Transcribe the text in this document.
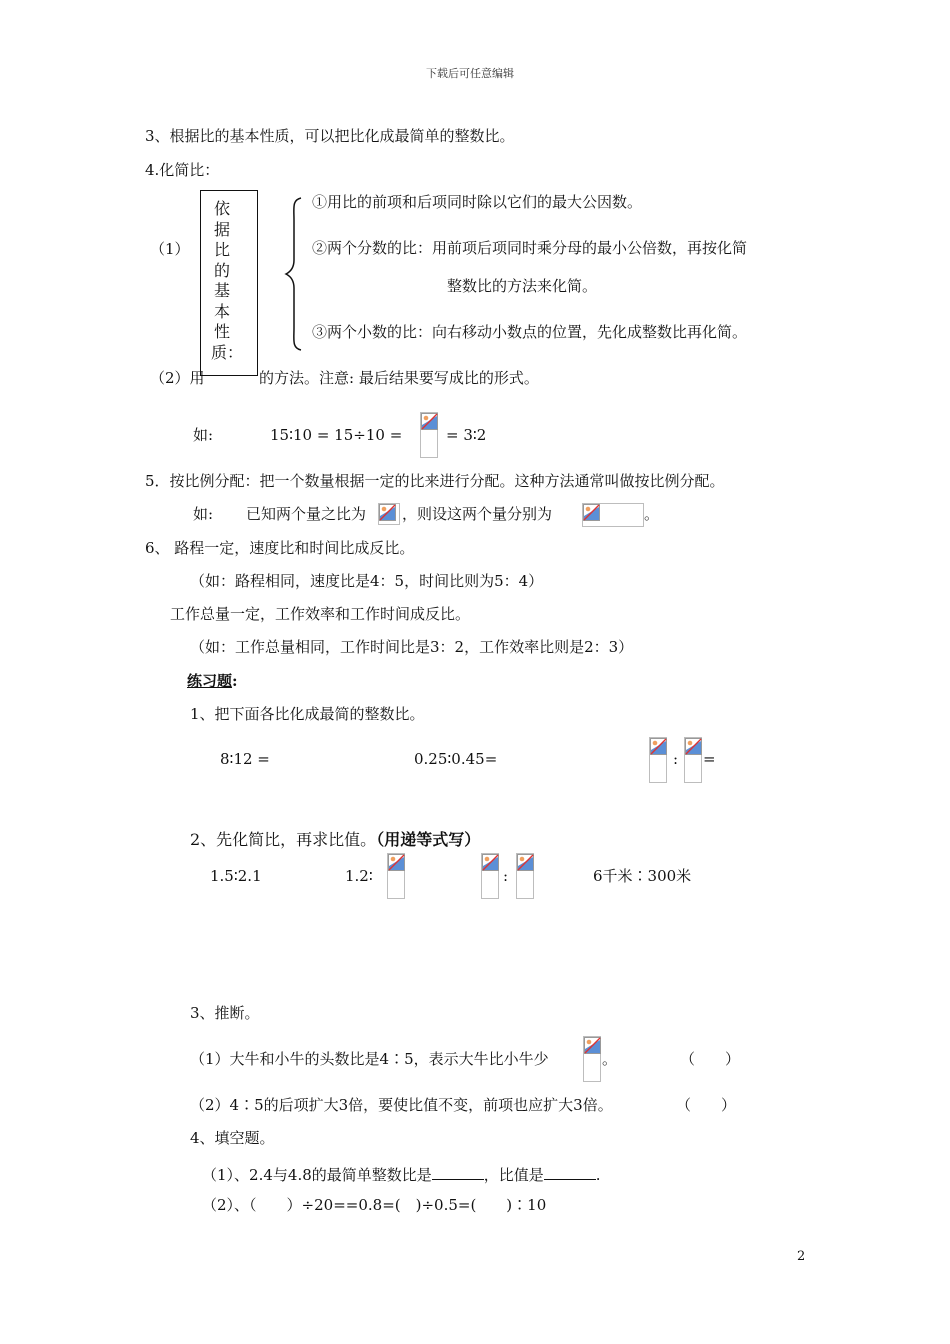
下载后可任意编辑
3、根据比的基本性质，可以把比化成最简单的整数比。
4.化简比：
（1）
依据比的基本性质：
①用比的前项和后项同时除以它们的最大公因数。
②两个分数的比：用前项后项同时乘分母的最小公倍数，再按化简
整数比的方法来化简。
③两个小数的比：向右移动小数点的位置，先化成整数比再化简。
（2）用	的方法。注意: 最后结果要写成比的形式。
如:	15∶10 = 15÷10 =	= 3∶2
5．按比例分配：把一个数量根据一定的比来进行分配。这种方法通常叫做按比例分配。
如: 已知两个量之比为 ，则设这两个量分别为	。
6、 路程一定，速度比和时间比成反比。
（如：路程相同，速度比是4：5，时间比则为5：4）
工作总量一定，工作效率和工作时间成反比。
（如：工作总量相同，工作时间比是3：2，工作效率比则是2：3）
练习题:
1、把下面各比化成最简的整数比。
8∶12 =	0.25∶0.45=	: =
2、先化简比，再求比值。（用递等式写）
1.5∶2.1	1.2∶	:	6千米∶300米
3、推断。
（1）大牛和小牛的头数比是4∶5，表示大牛比小牛少	。	（　　）
（2）4∶5的后项扩大3倍，要使比值不变，前项也应扩大3倍。	（　　）
4、填空题。
（1）、2.4与4.8的最简单整数比是	，比值是	.
（2）、（　　）÷20==0.8=(　)÷0.5=(　　)∶10
2
